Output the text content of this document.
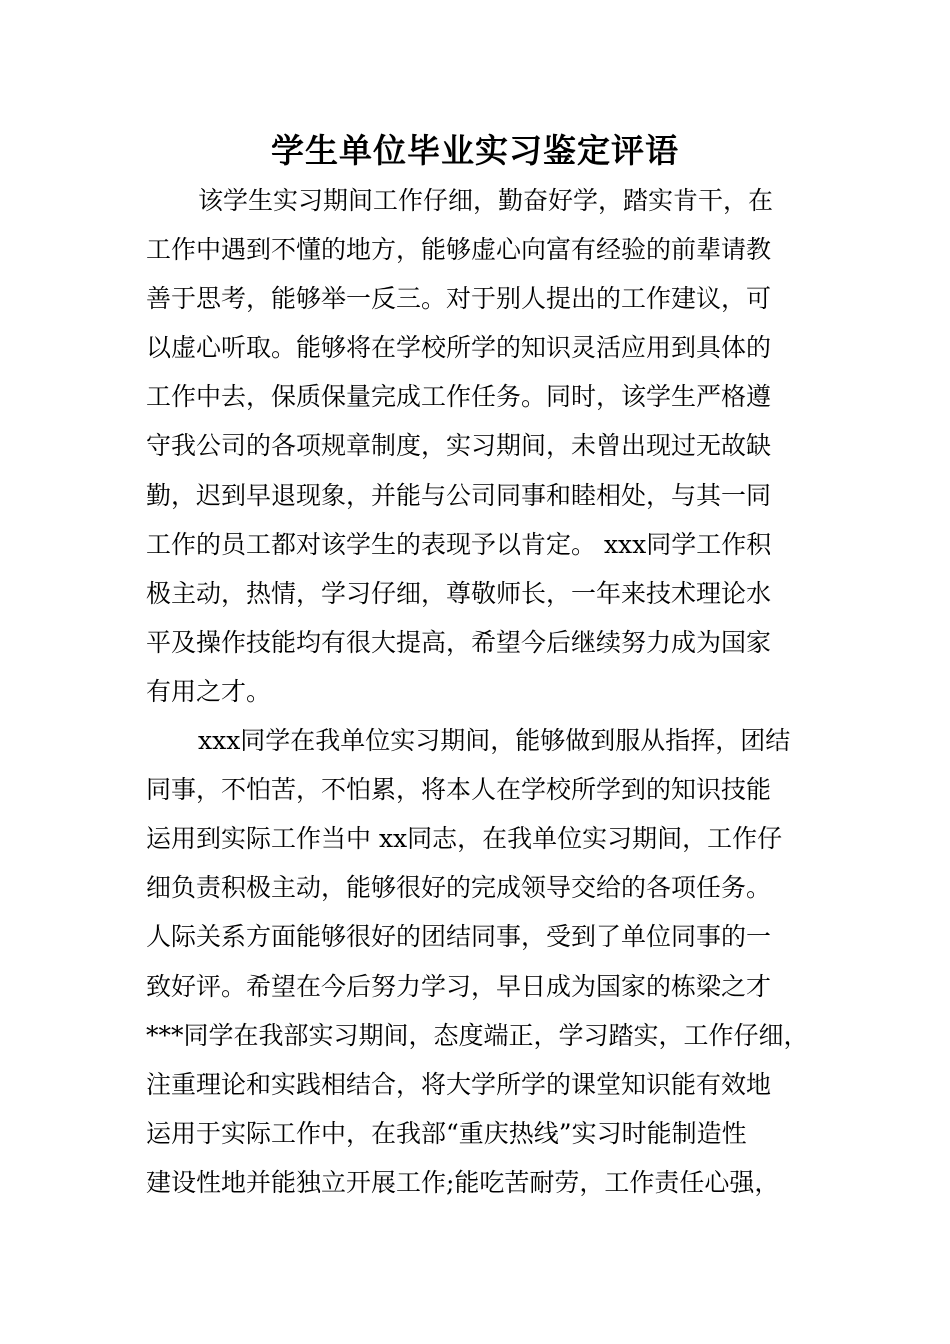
学生单位毕业实习鉴定评语
该学生实习期间工作仔细，勤奋好学，踏实肯干，在
工作中遇到不懂的地方，能够虚心向富有经验的前辈请教
善于思考，能够举一反三。对于别人提出的工作建议，可
以虚心听取。能够将在学校所学的知识灵活应用到具体的
工作中去，保质保量完成工作任务。同时，该学生严格遵
守我公司的各项规章制度，实习期间，未曾出现过无故缺
勤，迟到早退现象，并能与公司同事和睦相处，与其一同
工作的员工都对该学生的表现予以肯定。 xxx同学工作积
极主动，热情，学习仔细，尊敬师长，一年来技术理论水
平及操作技能均有很大提高，希望今后继续努力成为国家
有用之才。
xxx同学在我单位实习期间，能够做到服从指挥，团结
同事，不怕苦，不怕累，将本人在学校所学到的知识技能
运用到实际工作当中 xx同志，在我单位实习期间，工作仔
细负责积极主动，能够很好的完成领导交给的各项任务。
人际关系方面能够很好的团结同事，受到了单位同事的一
致好评。希望在今后努力学习，早日成为国家的栋梁之才
***同学在我部实习期间，态度端正，学习踏实，工作仔细，
注重理论和实践相结合，将大学所学的课堂知识能有效地
运用于实际工作中，在我部“重庆热线”实习时能制造性
建设性地并能独立开展工作;能吃苦耐劳，工作责任心强，
